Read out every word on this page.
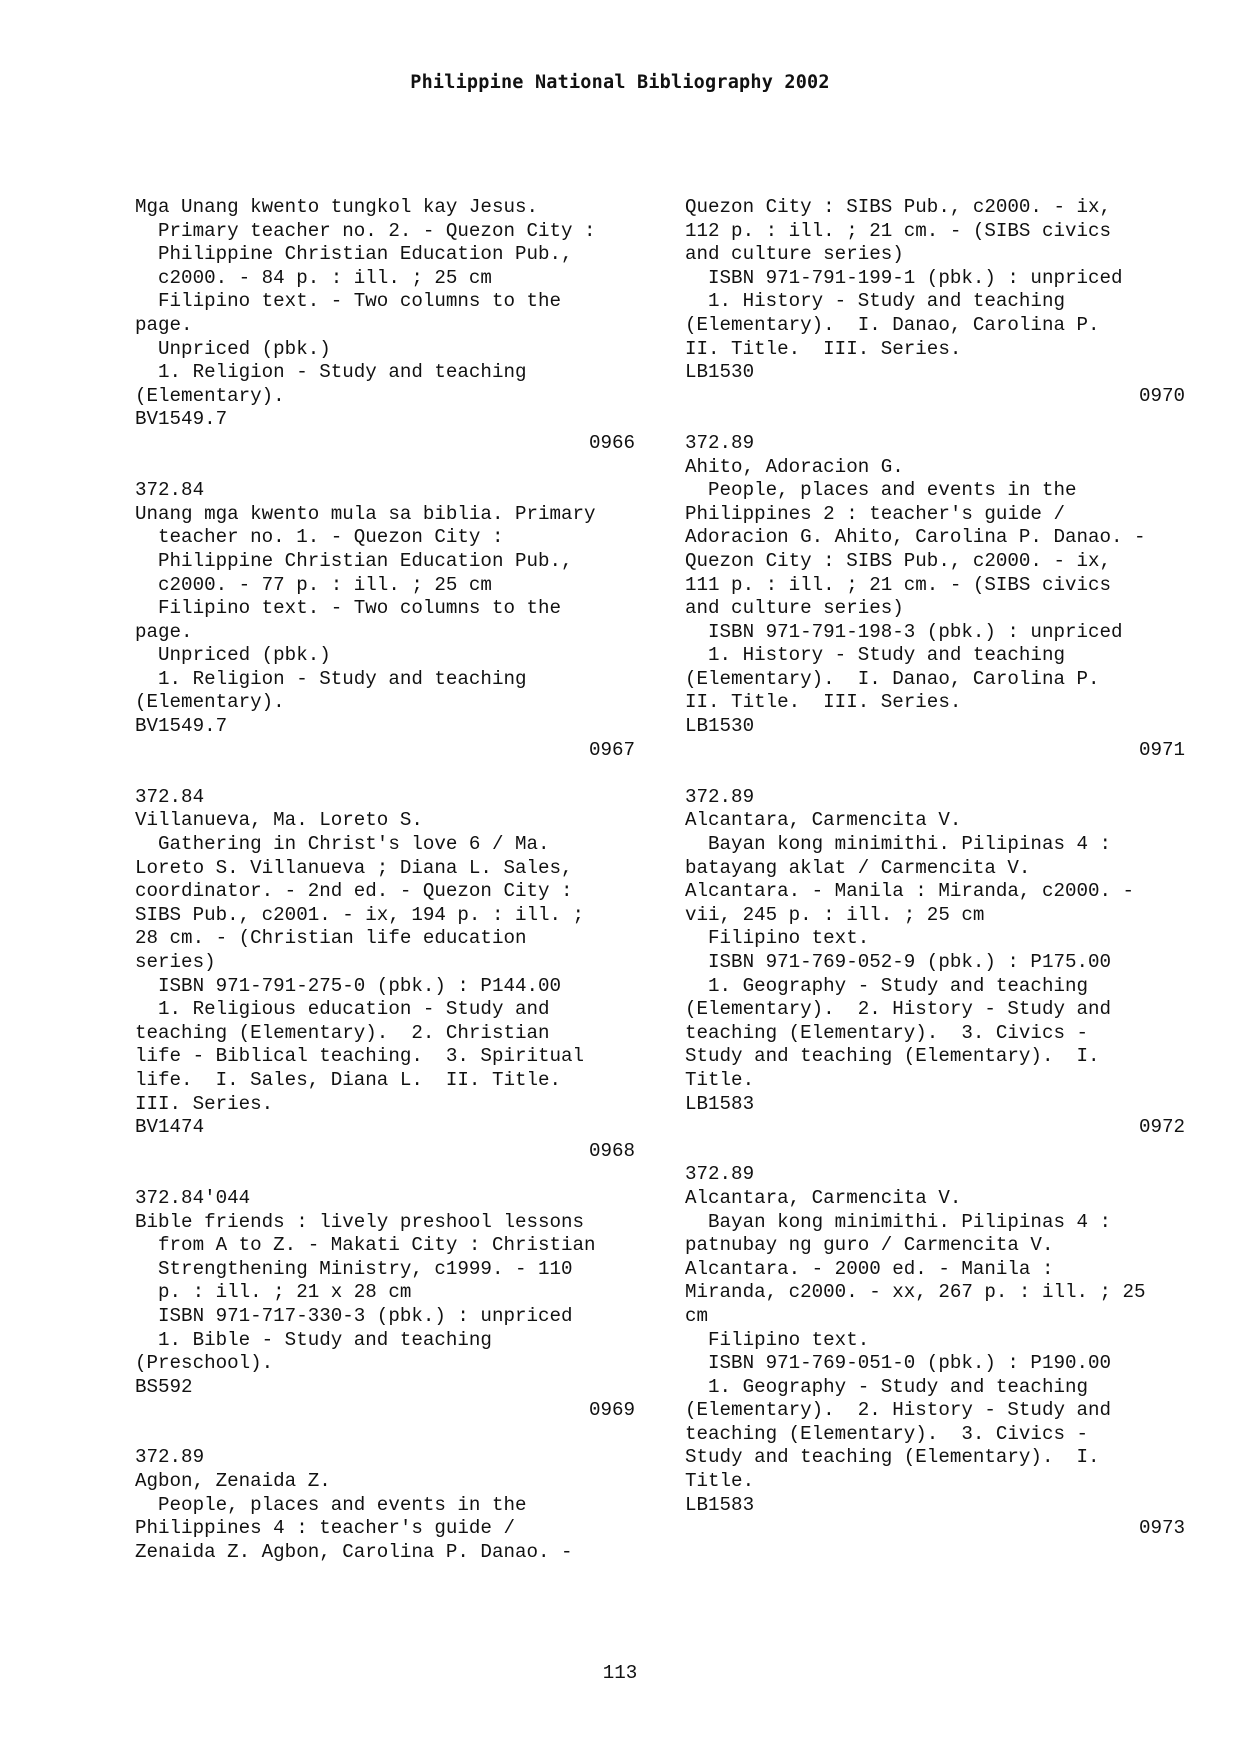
Philippine National Bibliography 2002
Mga Unang kwento tungkol kay Jesus.
Primary teacher no. 2. - Quezon City :
Philippine Christian Education Pub.,
c2000. - 84 p. : ill. ; 25 cm
Filipino text. - Two columns to the
page.
Unpriced (pbk.)
1. Religion - Study and teaching
(Elementary).
BV1549.7
0966
372.84
Unang mga kwento mula sa biblia. Primary
teacher no. 1. - Quezon City :
Philippine Christian Education Pub.,
c2000. - 77 p. : ill. ; 25 cm
Filipino text. - Two columns to the
page.
Unpriced (pbk.)
1. Religion - Study and teaching
(Elementary).
BV1549.7
0967
372.84
Villanueva, Ma. Loreto S.
Gathering in Christ's love 6 / Ma.
Loreto S. Villanueva ; Diana L. Sales,
coordinator. - 2nd ed. - Quezon City :
SIBS Pub., c2001. - ix, 194 p. : ill. ;
28 cm. - (Christian life education
series)
ISBN 971-791-275-0 (pbk.) : P144.00
1. Religious education - Study and
teaching (Elementary).  2. Christian
life - Biblical teaching.  3. Spiritual
life.  I. Sales, Diana L.  II. Title.
III. Series.
BV1474
0968
372.84'044
Bible friends : lively preshool lessons
from A to Z. - Makati City : Christian
Strengthening Ministry, c1999. - 110
p. : ill. ; 21 x 28 cm
ISBN 971-717-330-3 (pbk.) : unpriced
1. Bible - Study and teaching
(Preschool).
BS592
0969
372.89
Agbon, Zenaida Z.
People, places and events in the
Philippines 4 : teacher's guide /
Zenaida Z. Agbon, Carolina P. Danao. -
Quezon City : SIBS Pub., c2000. - ix,
112 p. : ill. ; 21 cm. - (SIBS civics
and culture series)
ISBN 971-791-199-1 (pbk.) : unpriced
1. History - Study and teaching
(Elementary).  I. Danao, Carolina P.
II. Title.  III. Series.
LB1530
0970
372.89
Ahito, Adoracion G.
People, places and events in the
Philippines 2 : teacher's guide /
Adoracion G. Ahito, Carolina P. Danao. -
Quezon City : SIBS Pub., c2000. - ix,
111 p. : ill. ; 21 cm. - (SIBS civics
and culture series)
ISBN 971-791-198-3 (pbk.) : unpriced
1. History - Study and teaching
(Elementary).  I. Danao, Carolina P.
II. Title.  III. Series.
LB1530
0971
372.89
Alcantara, Carmencita V.
Bayan kong minimithi. Pilipinas 4 :
batayang aklat / Carmencita V.
Alcantara. - Manila : Miranda, c2000. -
vii, 245 p. : ill. ; 25 cm
Filipino text.
ISBN 971-769-052-9 (pbk.) : P175.00
1. Geography - Study and teaching
(Elementary).  2. History - Study and
teaching (Elementary).  3. Civics -
Study and teaching (Elementary).  I.
Title.
LB1583
0972
372.89
Alcantara, Carmencita V.
Bayan kong minimithi. Pilipinas 4 :
patnubay ng guro / Carmencita V.
Alcantara. - 2000 ed. - Manila :
Miranda, c2000. - xx, 267 p. : ill. ; 25
cm
Filipino text.
ISBN 971-769-051-0 (pbk.) : P190.00
1. Geography - Study and teaching
(Elementary).  2. History - Study and
teaching (Elementary).  3. Civics -
Study and teaching (Elementary).  I.
Title.
LB1583
0973
113
